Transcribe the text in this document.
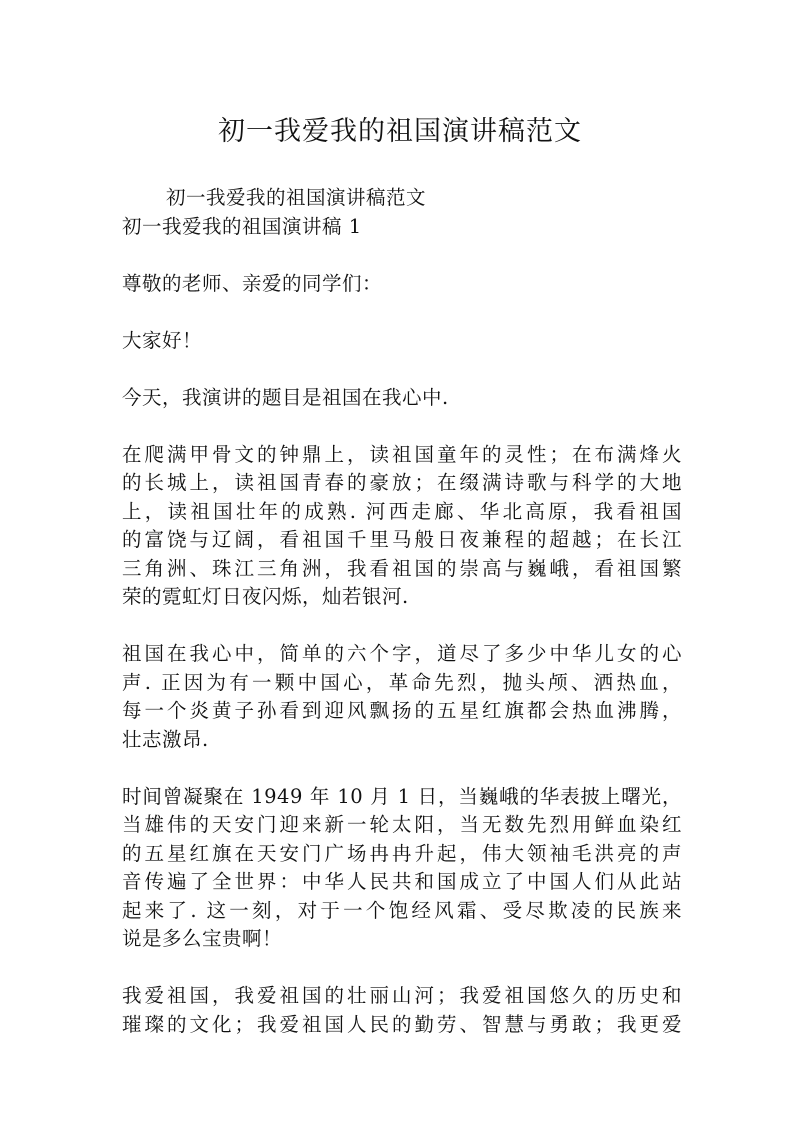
初一我爱我的祖国演讲稿范文
初一我爱我的祖国演讲稿范文
初一我爱我的祖国演讲稿 1
尊敬的老师、亲爱的同学们：
大家好！
今天，我演讲的题目是祖国在我心中.
在爬满甲骨文的钟鼎上，读祖国童年的灵性；在布满烽火
的长城上，读祖国青春的豪放；在缀满诗歌与科学的大地
上，读祖国壮年的成熟. 河西走廊、华北高原，我看祖国
的富饶与辽阔，看祖国千里马般日夜兼程的超越；在长江
三角洲、珠江三角洲，我看祖国的崇高与巍峨，看祖国繁
荣的霓虹灯日夜闪烁，灿若银河.
祖国在我心中，简单的六个字，道尽了多少中华儿女的心
声. 正因为有一颗中国心，革命先烈，抛头颅、洒热血，
每一个炎黄子孙看到迎风飘扬的五星红旗都会热血沸腾，
壮志激昂.
时间曾凝聚在 1949 年 10 月 1 日，当巍峨的华表披上曙光，
当雄伟的天安门迎来新一轮太阳，当无数先烈用鲜血染红
的五星红旗在天安门广场冉冉升起，伟大领袖毛洪亮的声
音传遍了全世界：中华人民共和国成立了中国人们从此站
起来了. 这一刻，对于一个饱经风霜、受尽欺凌的民族来
说是多么宝贵啊！
我爱祖国，我爱祖国的壮丽山河；我爱祖国悠久的历史和
璀璨的文化；我爱祖国人民的勤劳、智慧与勇敢；我更爱
